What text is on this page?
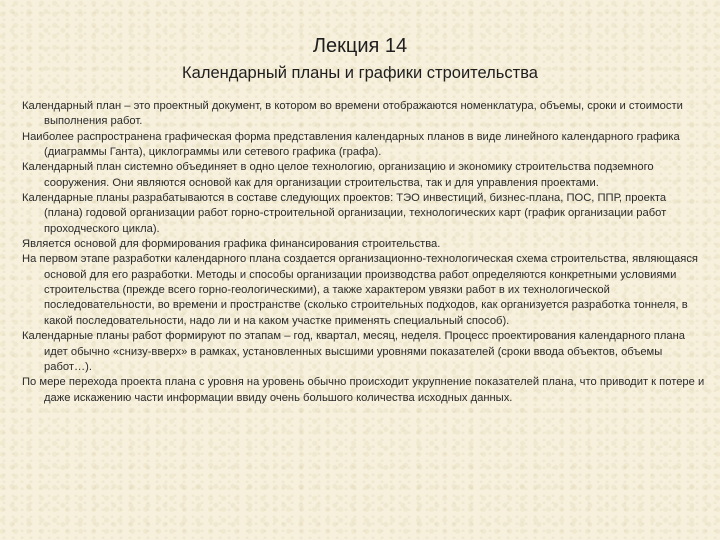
Лекция 14
Календарный планы и графики строительства

Календарный план – это проектный документ, в котором во времени отображаются номенклатура, объемы, сроки и стоимости выполнения работ.

Наиболее распространена графическая форма представления календарных планов в виде линейного календарного графика (диаграммы Ганта), циклограммы или сетевого графика (графа).

Календарный план системно объединяет в одно целое технологию, организацию и экономику строительства подземного сооружения. Они являются основой как для организации строительства, так и для управления проектами.

Календарные планы разрабатываются в составе следующих проектов: ТЭО инвестиций, бизнес-плана, ПОС, ППР, проекта (плана) годовой организации работ горно-строительной организации, технологических карт (график организации работ проходческого цикла).

Является основой для формирования графика финансирования строительства.

На первом этапе разработки календарного плана создается организационно-технологическая схема строительства, являющаяся основой для его разработки. Методы и способы организации производства работ определяются конкретными условиями строительства (прежде всего горно-геологическими), а также характером увязки работ в их технологической последовательности, во времени и пространстве (сколько строительных подходов, как организуется разработка тоннеля, в какой последовательности, надо ли и на каком участке применять специальный способ).

Календарные планы работ формируют по этапам – год, квартал, месяц, неделя. Процесс проектирования календарного плана идет обычно «снизу-вверх» в рамках, установленных высшими уровнями показателей (сроки ввода объектов, объемы работ…).

По мере перехода проекта плана с уровня на уровень обычно происходит укрупнение показателей плана, что приводит к потере и даже искажению части информации ввиду очень большого количества исходных данных.
